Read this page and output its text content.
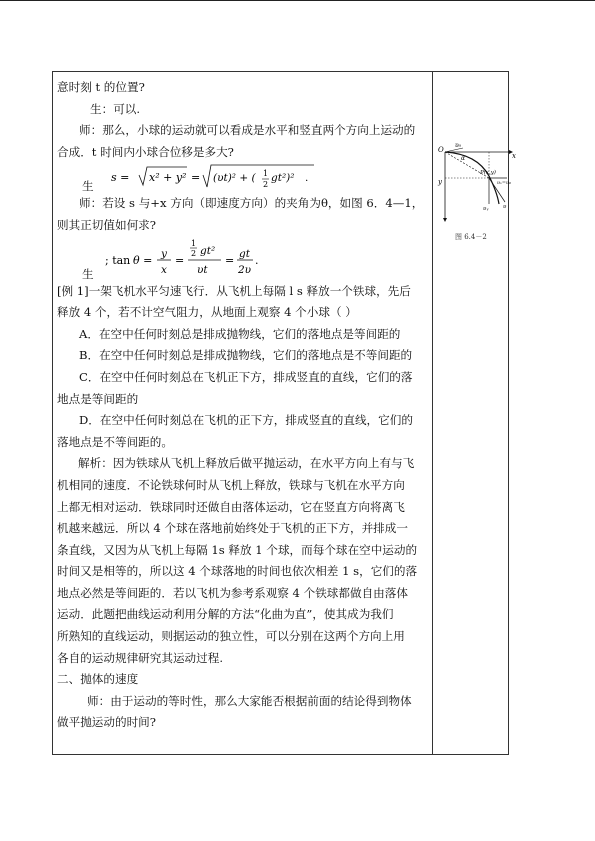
意时刻 t 的位置?

生：可以.

师：那么，小球的运动就可以看成是水平和竖直两个方向上运动的

合成．t 时间内小球合位移是多大?

生
s = x² + y² = (υt)² + ( 1
2
gt²)² .

师：若设 s 与+x 方向（即速度方向）的夹角为θ，如图 6．4—1，

则其正切值如何求?

生
; tan θ = y
x
=
1
2 gt²
υt
= gt
2υ
.

[例 1]一架飞机水平匀速飞行．从飞机上每隔 l s 释放一个铁球，先后

释放 4 个，若不计空气阻力，从地面上观察 4 个小球（ ）

A．在空中任何时刻总是排成抛物线，它们的落地点是等间距的

B．在空中任何时刻总是排成抛物线，它们的落地点是不等间距的

C．在空中任何时刻总在飞机正下方，排成竖直的直线，它们的落

地点是等间距的

D．在空中任何时刻总在飞机的正下方，排成竖直的直线，它们的

落地点是不等间距的。

解析：因为铁球从飞机上释放后做平抛运动，在水平方向上有与飞

机相同的速度．不论铁球何时从飞机上释放，铁球与飞机在水平方向

上都无相对运动．铁球同时还做自由落体运动，它在竖直方向将离飞

机越来越远．所以 4 个球在落地前始终处于飞机的正下方，并排成一

条直线，又因为从飞机上每隔 1s 释放 1 个球，而每个球在空中运动的

时间又是相等的，所以这 4 个球落地的时间也依次相差 1 s，它们的落

地点必然是等间距的．若以飞机为参考系观察 4 个铁球都做自由落体

运动．此题把曲线运动利用分解的方法“化曲为直”，使其成为我们

所熟知的直线运动，则据运动的独立性，可以分别在这两个方向上用

各自的运动规律研究其运动过程.

二、抛体的速度

师：由于运动的等时性，那么大家能否根据前面的结论得到物体

做平抛运动的时间?

O
x
y
υ₀
α
P(x,y)
υₓ=υ₀
υᵧ	υ
图 6.4－2
